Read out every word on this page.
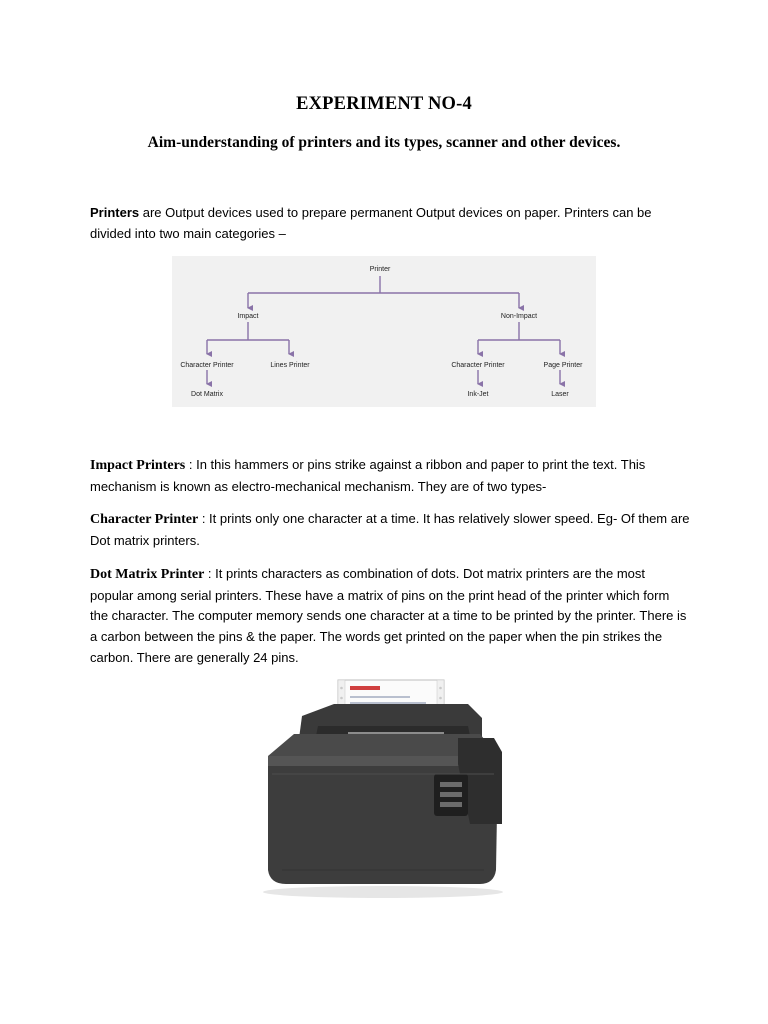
EXPERIMENT NO-4
Aim-understanding of printers and its types, scanner and other devices.
Printers are Output devices used to prepare permanent Output devices on paper. Printers can be divided into two main categories –
Printer
Impact	Non-Impact
Character Printer	Lines Printer	Character Printer	Page Printer
Dot Matrix	Ink-Jet	Laser
Impact Printers : In this hammers or pins strike against a ribbon and paper to print the text. This mechanism is known as electro-mechanical mechanism. They are of two types-
Character Printer : It prints only one character at a time. It has relatively slower speed. Eg- Of them are Dot matrix printers.
Dot Matrix Printer : It prints characters as combination of dots. Dot matrix printers are the most popular among serial printers. These have a matrix of pins on the print head of the printer which form the character. The computer memory sends one character at a time to be printed by the printer. There is a carbon between the pins & the paper. The words get printed on the paper when the pin strikes the carbon. There are generally 24 pins.
